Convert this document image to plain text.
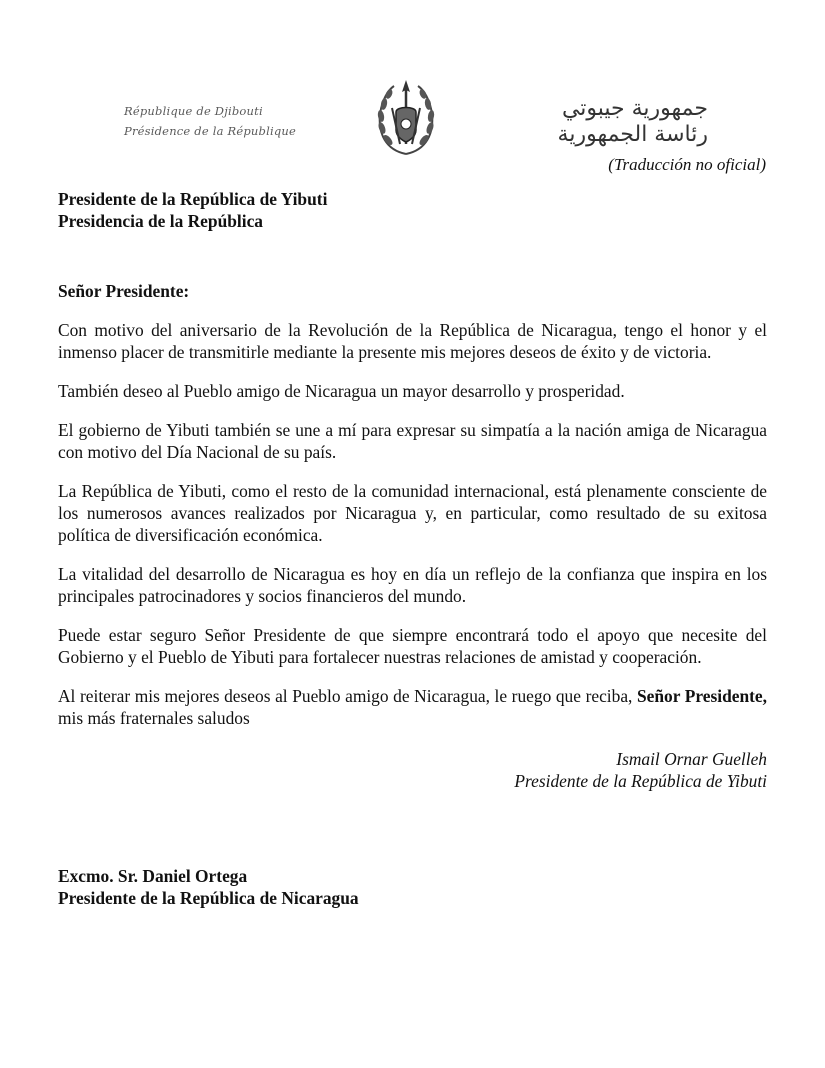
République de Djibouti
Présidence de la République
جمهورية جيبوتي
رئاسة الجمهورية
(Traducción no oficial)

Presidente de la República de Yibuti

Presidencia de la República

Señor Presidente:

Con motivo del aniversario de la Revolución de la República de Nicaragua, tengo el honor y el inmenso placer de transmitirle mediante la presente mis mejores deseos de éxito y de victoria.

También deseo al Pueblo amigo de Nicaragua un mayor desarrollo y prosperidad.

El gobierno de Yibuti también se une a mí para expresar su simpatía a la nación amiga de Nicaragua con motivo del Día Nacional de su país.

La República de Yibuti, como el resto de la comunidad internacional, está plenamente consciente de los numerosos avances realizados por Nicaragua y, en particular, como resultado de su exitosa política de diversificación económica.

La vitalidad del desarrollo de Nicaragua es hoy en día un reflejo de la confianza que inspira en los principales patrocinadores y socios financieros del mundo.

Puede estar seguro Señor Presidente de que siempre encontrará todo el apoyo que necesite del Gobierno y el Pueblo de Yibuti para fortalecer nuestras relaciones de amistad y cooperación.

Al reiterar mis mejores deseos al Pueblo amigo de Nicaragua, le ruego que reciba, Señor Presidente, mis más fraternales saludos

Ismail Ornar Guelleh

Presidente de la República de Yibuti

Excmo. Sr. Daniel Ortega

Presidente de la República de Nicaragua
